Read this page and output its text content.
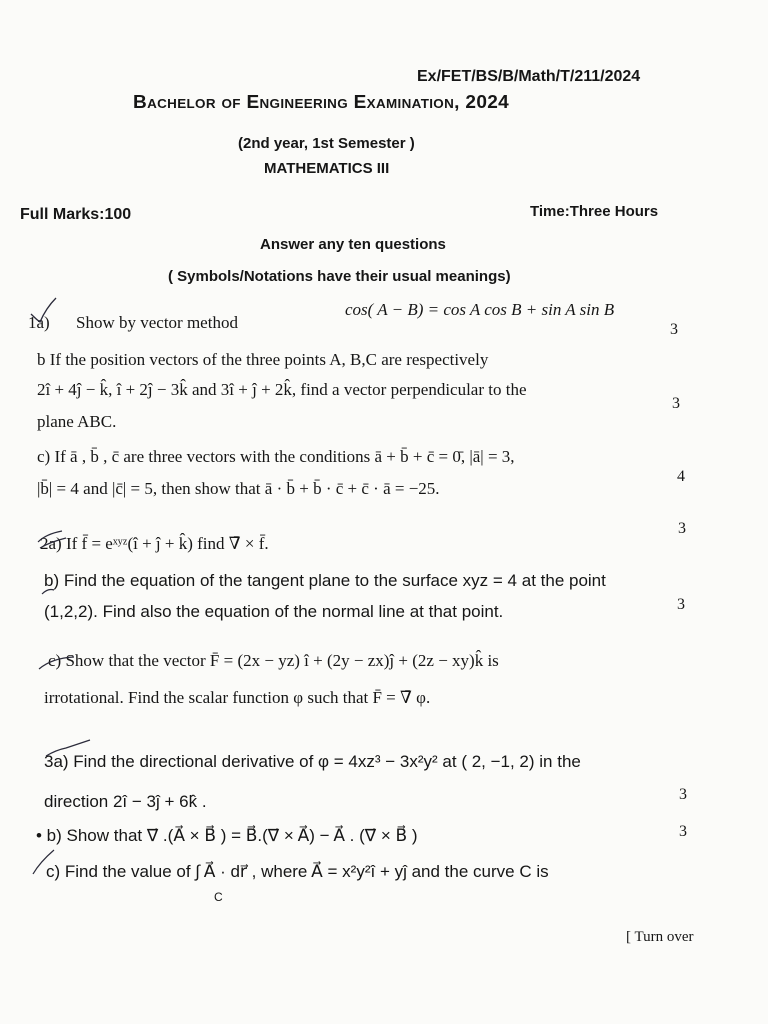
Ex/FET/BS/B/Math/T/211/2024
Bachelor of Engineering Examination, 2024
(2nd year, 1st Semester )
MATHEMATICS III
Full Marks:100	Time:Three Hours
Answer any ten questions
( Symbols/Notations have their usual meanings)
1a) Show by vector method
cos( A − B) = cos A cos B + sin A sin B
3
b If the position vectors of the three points A, B,C are respectively
2î + 4ĵ − k̂, î + 2ĵ − 3k̂ and 3î + ĵ + 2k̂, find a vector perpendicular to the
plane ABC.
3
c) If ā , b̄ , c̄ are three vectors with the conditions ā + b̄ + c̄ = 0̄, |ā| = 3,
|b̄| = 4 and |c̄| = 5, then show that ā · b̄ + b̄ · c̄ + c̄ · ā = −25.
4
3
2a) If f̄ = eˣʸᶻ(î + ĵ + k̂) find ∇̄ × f̄.
b) Find the equation of the tangent plane to the surface xyz = 4 at the point
(1,2,2). Find also the equation of the normal line at that point.	3
c) Show that the vector F̄ = (2x − yz) î + (2y − zx)ĵ + (2z − xy)k̂ is
irrotational. Find the scalar function φ such that F̄ = ∇̄ φ.
3a) Find the directional derivative of φ = 4xz³ − 3x²y² at ( 2, −1, 2) in the
direction 2î − 3ĵ + 6k̂ .	3
• b) Show that ∇⃗ .(A⃗ × B⃗ ) = B⃗.(∇⃗ × A⃗) − A⃗ . (∇⃗ × B⃗ )	3
c) Find the value of ∫ A⃗ · dr⃗ , where A⃗ = x²y²î + yĵ and the curve C is
C
[ Turn over
